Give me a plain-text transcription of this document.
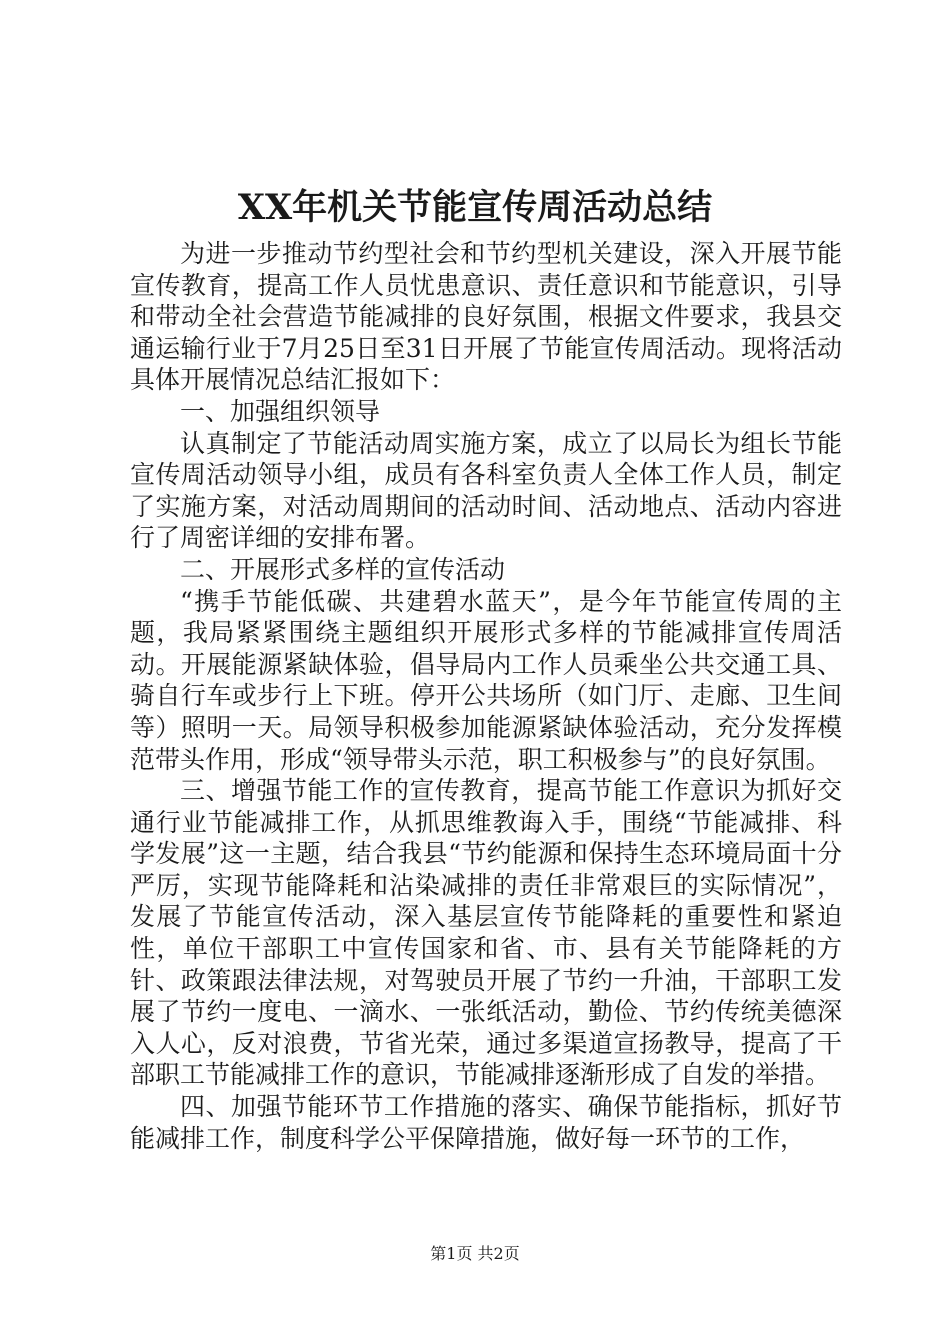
XX年机关节能宣传周活动总结

为进一步推动节约型社会和节约型机关建设，深入开展节能宣传教育，提高工作人员忧患意识、责任意识和节能意识，引导和带动全社会营造节能减排的良好氛围，根据文件要求，我县交通运输行业于7月25日至31日开展了节能宣传周活动。现将活动具体开展情况总结汇报如下：

一、加强组织领导

认真制定了节能活动周实施方案，成立了以局长为组长节能宣传周活动领导小组，成员有各科室负责人全体工作人员，制定了实施方案，对活动周期间的活动时间、活动地点、活动内容进行了周密详细的安排布署。

二、开展形式多样的宣传活动

“携手节能低碳、共建碧水蓝天”，是今年节能宣传周的主题，我局紧紧围绕主题组织开展形式多样的节能减排宣传周活动。开展能源紧缺体验，倡导局内工作人员乘坐公共交通工具、骑自行车或步行上下班。停开公共场所（如门厅、走廊、卫生间等）照明一天。局领导积极参加能源紧缺体验活动，充分发挥模范带头作用，形成“领导带头示范，职工积极参与”的良好氛围。

三、增强节能工作的宣传教育，提高节能工作意识为抓好交通行业节能减排工作，从抓思维教诲入手，围绕“节能减排、科学发展”这一主题，结合我县“节约能源和保持生态环境局面十分严厉，实现节能降耗和沾染减排的责任非常艰巨的实际情况”，发展了节能宣传活动，深入基层宣传节能降耗的重要性和紧迫性，单位干部职工中宣传国家和省、市、县有关节能降耗的方针、政策跟法律法规，对驾驶员开展了节约一升油，干部职工发展了节约一度电、一滴水、一张纸活动，勤俭、节约传统美德深入人心，反对浪费，节省光荣，通过多渠道宣扬教导，提高了干部职工节能减排工作的意识，节能减排逐渐形成了自发的举措。

四、加强节能环节工作措施的落实、确保节能指标，抓好节能减排工作，制度科学公平保障措施，做好每一环节的工作，

第1页 共2页
